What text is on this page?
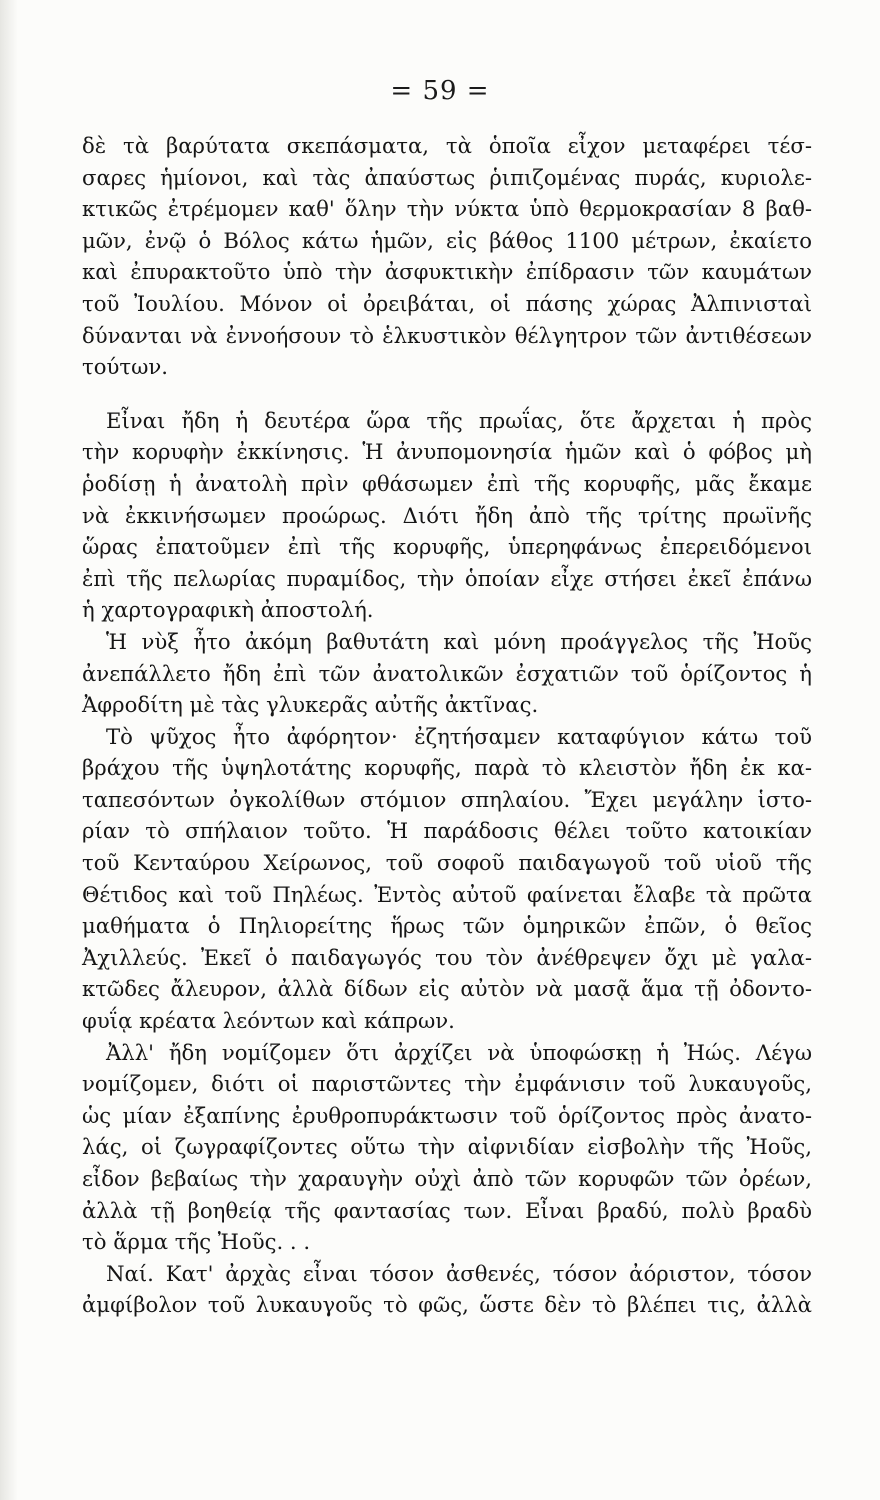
= 59 =
δὲ τὰ βαρύτατα σκεπάσματα, τὰ ὁποῖα εἶχον μεταφέρει τέσ-
σαρες ἡμίονοι, καὶ τὰς ἀπαύστως ῥιπιζομένας πυράς, κυριολε-
κτικῶς ἐτρέμομεν καθ' ὅλην τὴν νύκτα ὑπὸ θερμοκρασίαν 8 βαθ-
μῶν, ἐνῷ ὁ Βόλος κάτω ἡμῶν, εἰς βάθος 1100 μέτρων, ἐκαίετο
καὶ ἐπυρακτοῦτο ὑπὸ τὴν ἀσφυκτικὴν ἐπίδρασιν τῶν καυμάτων
τοῦ Ἰουλίου. Μόνον οἱ ὀρειβάται, οἱ πάσης χώρας Ἀλπινισταὶ
δύνανται νὰ ἐννοήσουν τὸ ἑλκυστικὸν θέλγητρον τῶν ἀντιθέσεων
τούτων.
Εἶναι ἤδη ἡ δευτέρα ὥρα τῆς πρωΐας, ὅτε ἄρχεται ἡ πρὸς
τὴν κορυφὴν ἐκκίνησις. Ἡ ἀνυπομονησία ἡμῶν καὶ ὁ φόβος μὴ
ῥοδίσῃ ἡ ἀνατολὴ πρὶν φθάσωμεν ἐπὶ τῆς κορυφῆς, μᾶς ἔκαμε
νὰ ἐκκινήσωμεν προώρως. Διότι ἤδη ἀπὸ τῆς τρίτης πρωϊνῆς
ὥρας ἐπατοῦμεν ἐπὶ τῆς κορυφῆς, ὑπερηφάνως ἐπερειδόμενοι
ἐπὶ τῆς πελωρίας πυραμίδος, τὴν ὁποίαν εἶχε στήσει ἐκεῖ ἐπάνω
ἡ χαρτογραφικὴ ἀποστολή.
Ἡ νὺξ ἦτο ἀκόμη βαθυτάτη καὶ μόνη προάγγελος τῆς Ἠοῦς
ἀνεπάλλετο ἤδη ἐπὶ τῶν ἀνατολικῶν ἐσχατιῶν τοῦ ὁρίζοντος ἡ
Ἀφροδίτη μὲ τὰς γλυκερᾶς αὐτῆς ἀκτῖνας.
Τὸ ψῦχος ἦτο ἀφόρητον· ἐζητήσαμεν καταφύγιον κάτω τοῦ
βράχου τῆς ὑψηλοτάτης κορυφῆς, παρὰ τὸ κλειστὸν ἤδη ἐκ κα-
ταπεσόντων ὀγκολίθων στόμιον σπηλαίου. Ἔχει μεγάλην ἱστο-
ρίαν τὸ σπήλαιον τοῦτο. Ἡ παράδοσις θέλει τοῦτο κατοικίαν
τοῦ Κενταύρου Χείρωνος, τοῦ σοφοῦ παιδαγωγοῦ τοῦ υἱοῦ τῆς
Θέτιδος καὶ τοῦ Πηλέως. Ἐντὸς αὐτοῦ φαίνεται ἔλαβε τὰ πρῶτα
μαθήματα ὁ Πηλιορείτης ἥρως τῶν ὁμηρικῶν ἐπῶν, ὁ θεῖος
Ἀχιλλεύς. Ἐκεῖ ὁ παιδαγωγός του τὸν ἀνέθρεψεν ὄχι μὲ γαλα-
κτῶδες ἄλευρον, ἀλλὰ δίδων εἰς αὐτὸν νὰ μασᾷ ἅμα τῇ ὀδοντο-
φυΐᾳ κρέατα λεόντων καὶ κάπρων.
Ἀλλ' ἤδη νομίζομεν ὅτι ἀρχίζει νὰ ὑποφώσκῃ ἡ Ἠώς. Λέγω
νομίζομεν, διότι οἱ παριστῶντες τὴν ἐμφάνισιν τοῦ λυκαυγοῦς,
ὡς μίαν ἐξαπίνης ἐρυθροπυράκτωσιν τοῦ ὁρίζοντος πρὸς ἀνατο-
λάς, οἱ ζωγραφίζοντες οὕτω τὴν αἰφνιδίαν εἰσβολὴν τῆς Ἠοῦς,
εἶδον βεβαίως τὴν χαραυγὴν οὐχὶ ἀπὸ τῶν κορυφῶν τῶν ὀρέων,
ἀλλὰ τῇ βοηθείᾳ τῆς φαντασίας των. Εἶναι βραδύ, πολὺ βραδὺ
τὸ ἅρμα τῆς Ἠοῦς. . .
Ναί. Κατ' ἀρχὰς εἶναι τόσον ἀσθενές, τόσον ἀόριστον, τόσον
ἀμφίβολον τοῦ λυκαυγοῦς τὸ φῶς, ὥστε δὲν τὸ βλέπει τις, ἀλλὰ
